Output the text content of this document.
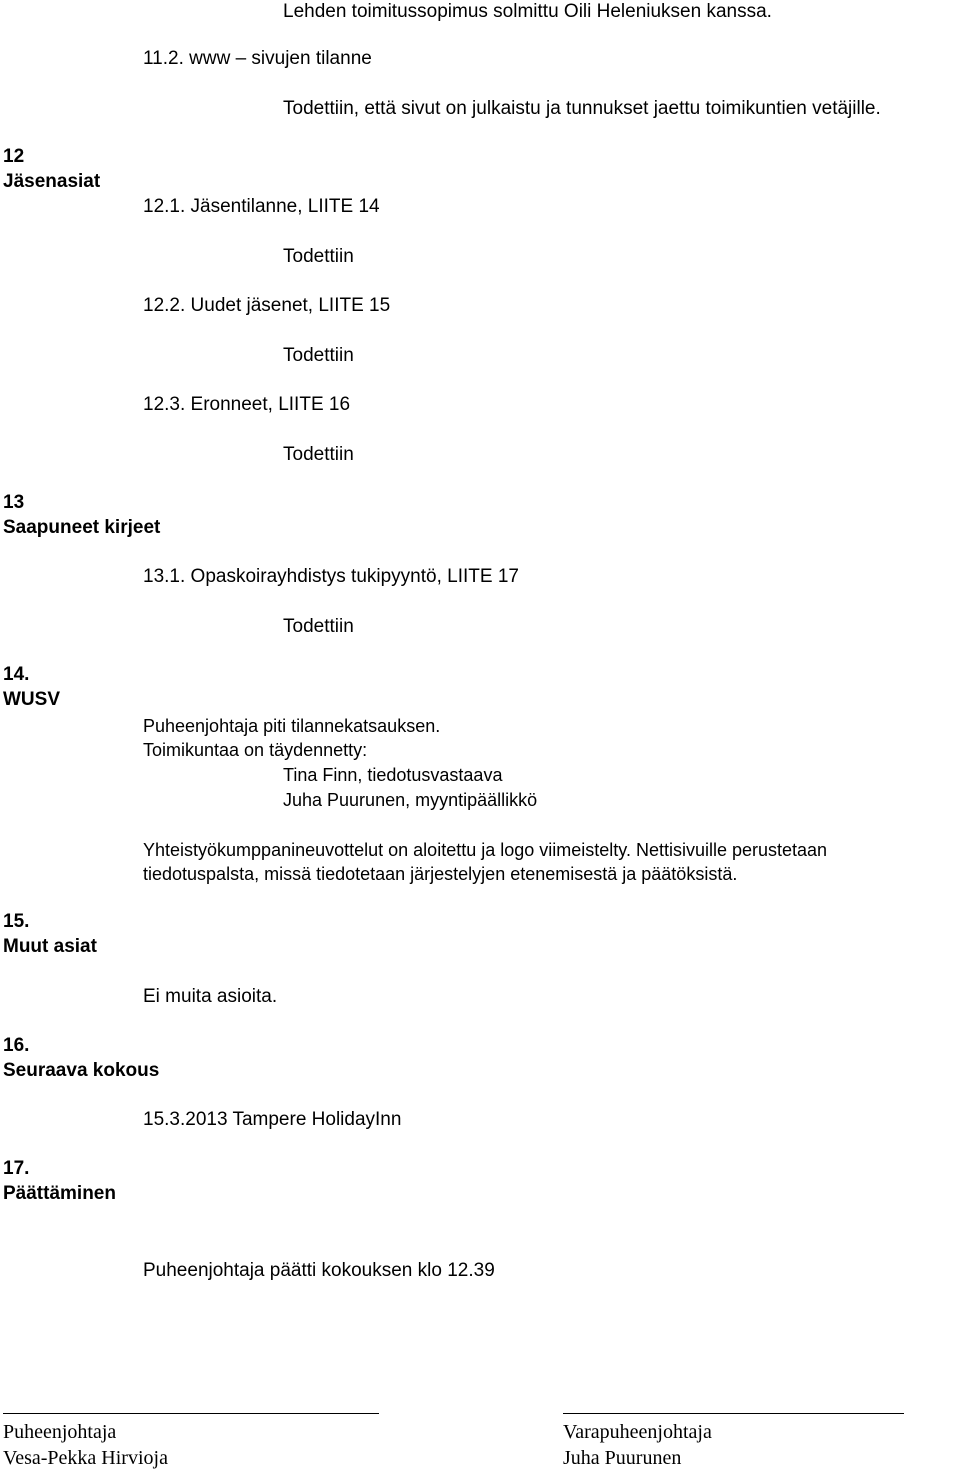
Lehden toimitussopimus solmittu Oili Heleniuksen kanssa.
11.2. www – sivujen tilanne
Todettiin, että sivut on julkaistu ja tunnukset jaettu toimikuntien vetäjille.
12
Jäsenasiat
12.1. Jäsentilanne, LIITE 14
Todettiin
12.2. Uudet jäsenet, LIITE 15
Todettiin
12.3. Eronneet, LIITE 16
Todettiin
13
Saapuneet kirjeet
13.1. Opaskoirayhdistys tukipyyntö, LIITE 17
Todettiin
14.
WUSV
Puheenjohtaja piti tilannekatsauksen.
Toimikuntaa on täydennetty:
Tina Finn, tiedotusvastaava
Juha Puurunen, myyntipäällikkö
Yhteistyökumppanineuvottelut on aloitettu ja logo viimeistelty. Nettisivuille perustetaan
tiedotuspalsta, missä tiedotetaan järjestelyjen etenemisestä ja päätöksistä.
15.
Muut asiat
Ei muita asioita.
16.
Seuraava kokous
15.3.2013 Tampere HolidayInn
17.
Päättäminen
Puheenjohtaja päätti kokouksen klo 12.39
Puheenjohtaja
Vesa-Pekka Hirvioja
Varapuheenjohtaja
Juha Puurunen
